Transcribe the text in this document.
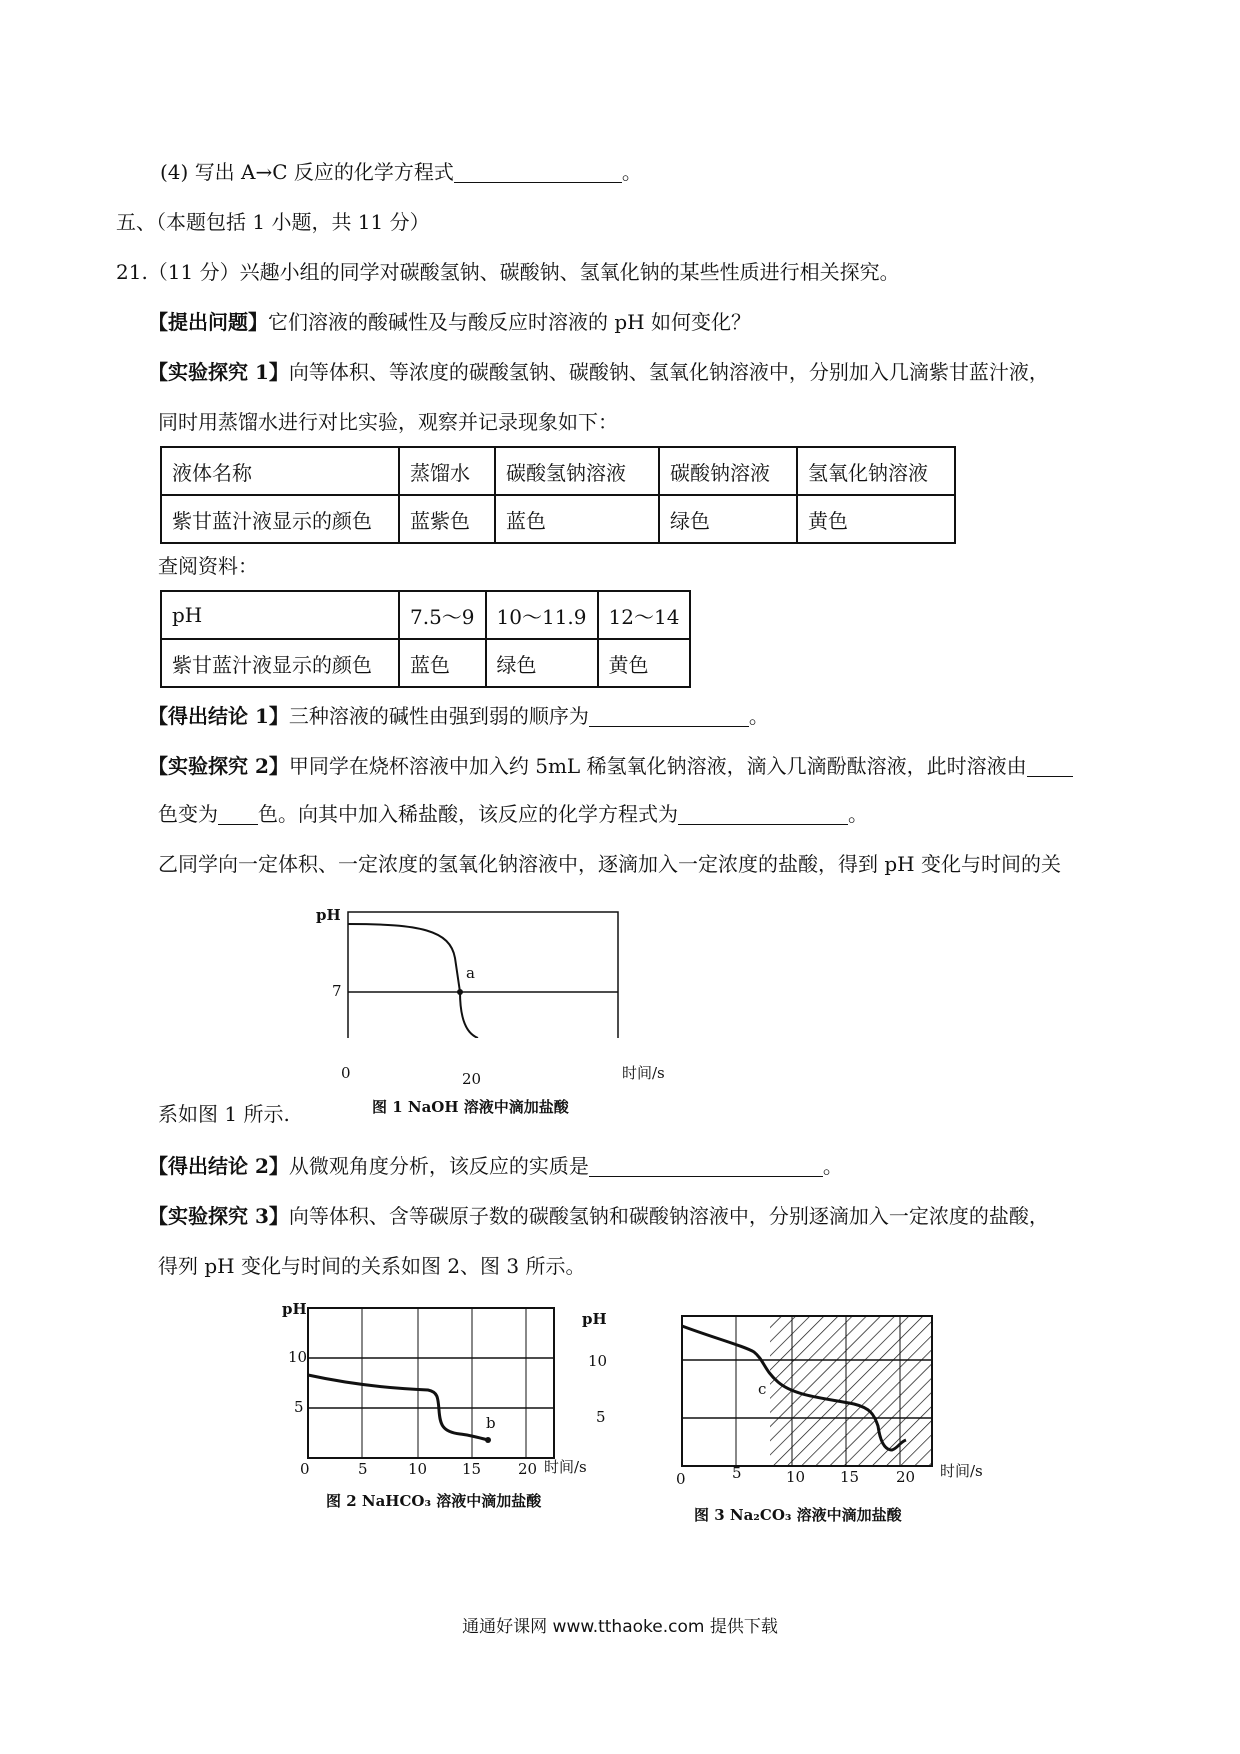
(4) 写出 A→C 反应的化学方程式	。
五、（本题包括 1 小题，共 11 分）
21.（11 分）兴趣小组的同学对碳酸氢钠、碳酸钠、氢氧化钠的某些性质进行相关探究。
【提出问题】它们溶液的酸碱性及与酸反应时溶液的 pH 如何变化？
【实验探究 1】向等体积、等浓度的碳酸氢钠、碳酸钠、氢氧化钠溶液中，分别加入几滴紫甘蓝汁液，
同时用蒸馏水进行对比实验，观察并记录现象如下：
液体名称	蒸馏水	碳酸氢钠溶液	碳酸钠溶液	氢氧化钠溶液
紫甘蓝汁液显示的颜色	蓝紫色	蓝色	绿色	黄色
查阅资料：
pH	7.5～9	10～11.9	12～14
紫甘蓝汁液显示的颜色	蓝色	绿色	黄色
【得出结论 1】三种溶液的碱性由强到弱的顺序为	。
【实验探究 2】甲同学在烧杯溶液中加入约 5mL 稀氢氧化钠溶液，滴入几滴酚酞溶液，此时溶液由
色变为 色。向其中加入稀盐酸，该反应的化学方程式为	。
乙同学向一定体积、一定浓度的氢氧化钠溶液中，逐滴加入一定浓度的盐酸，得到 pH 变化与时间的关
pH
7
a
0	20	时间/s
图 1 NaOH 溶液中滴加盐酸
系如图 1 所示.
【得出结论 2】从微观角度分析，该反应的实质是	。
【实验探究 3】向等体积、含等碳原子数的碳酸氢钠和碳酸钠溶液中，分别逐滴加入一定浓度的盐酸，
得列 pH 变化与时间的关系如图 2、图 3 所示。
pH
10
5
b
0	5	10 15 20 时间/s
图 2 NaHCO₃ 溶液中滴加盐酸
pH
10
5
c
0	5	10 15 20 时间/s
图 3 Na₂CO₃ 溶液中滴加盐酸
通通好课网 www.tthaoke.com 提供下载
